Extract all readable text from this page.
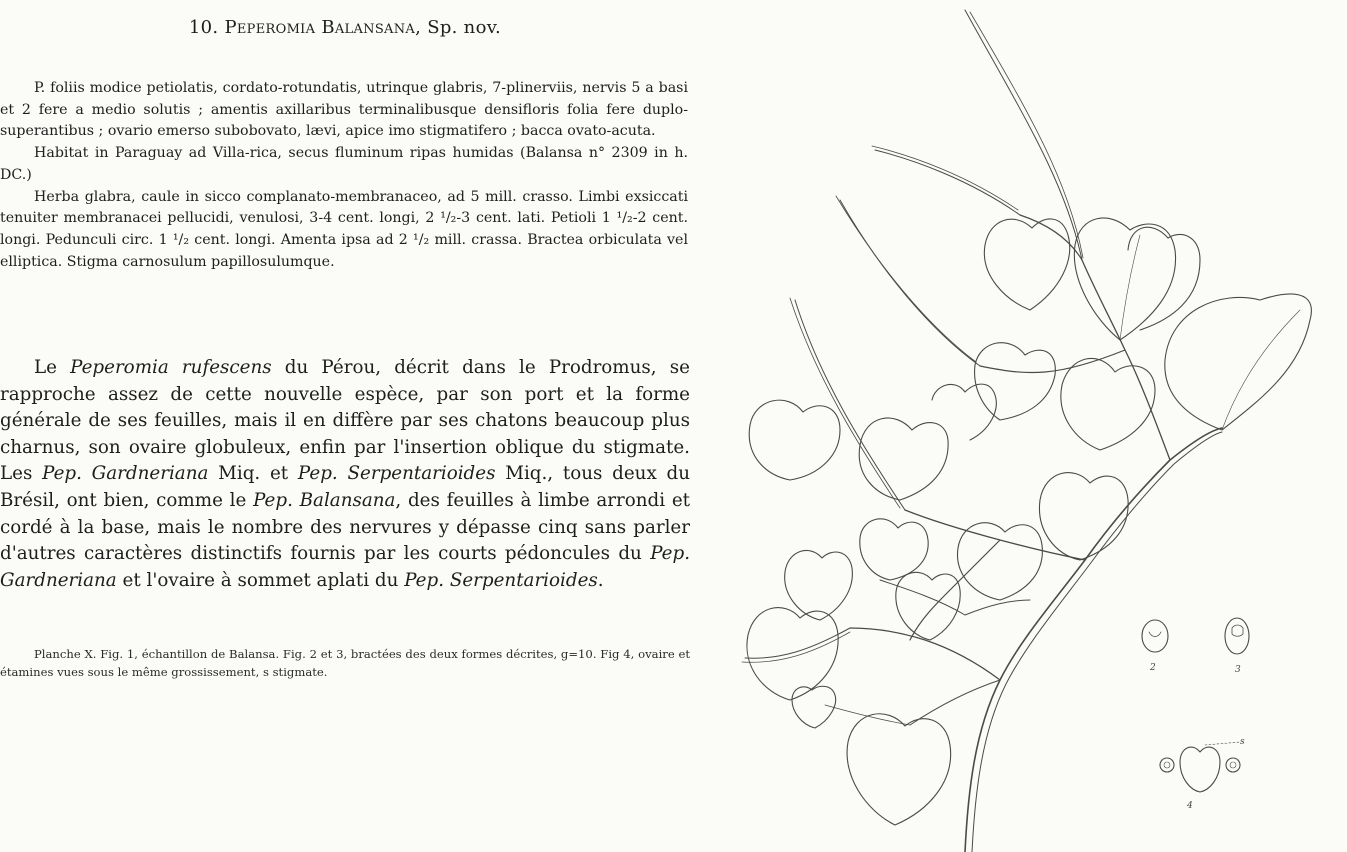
10. Peperomia Balansana, Sp. nov.

P. foliis modice petiolatis, cordato-rotundatis, utrinque glabris, 7-plinerviis, nervis 5 a basi et 2 fere a medio solutis ; amentis axillaribus terminalibusque densifloris folia fere duplo-superantibus ; ovario emerso subobovato, lævi, apice imo stigmatifero ; bacca ovato-acuta.

Habitat in Paraguay ad Villa-rica, secus fluminum ripas humidas (Balansa n° 2309 in h. DC.)

Herba glabra, caule in sicco complanato-membranaceo, ad 5 mill. crasso. Limbi exsiccati tenuiter membranacei pellucidi, venulosi, 3-4 cent. longi, 2 ¹/₂-3 cent. lati. Petioli 1 ¹/₂-2 cent. longi. Pedunculi circ. 1 ¹/₂ cent. longi. Amenta ipsa ad 2 ¹/₂ mill. crassa. Bractea orbiculata vel elliptica. Stigma carnosulum papillosulumque.

Le Peperomia rufescens du Pérou, décrit dans le Prodromus, se rapproche assez de cette nouvelle espèce, par son port et la forme générale de ses feuilles, mais il en diffère par ses chatons beaucoup plus charnus, son ovaire globuleux, enfin par l'insertion oblique du stigmate. Les Pep. Gardneriana Miq. et Pep. Serpentarioides Miq., tous deux du Brésil, ont bien, comme le Pep. Balansana, des feuilles à limbe arrondi et cordé à la base, mais le nombre des nervures y dépasse cinq sans parler d'autres caractères distinctifs fournis par les courts pédoncules du Pep. Gardneriana et l'ovaire à sommet aplati du Pep. Serpentarioides.

Planche X. Fig. 1, échantillon de Balansa. Fig. 2 et 3, bractées des deux formes décrites, g=10. Fig 4, ovaire et étamines vues sous le même grossissement, s stigmate.	2	3
s
4
